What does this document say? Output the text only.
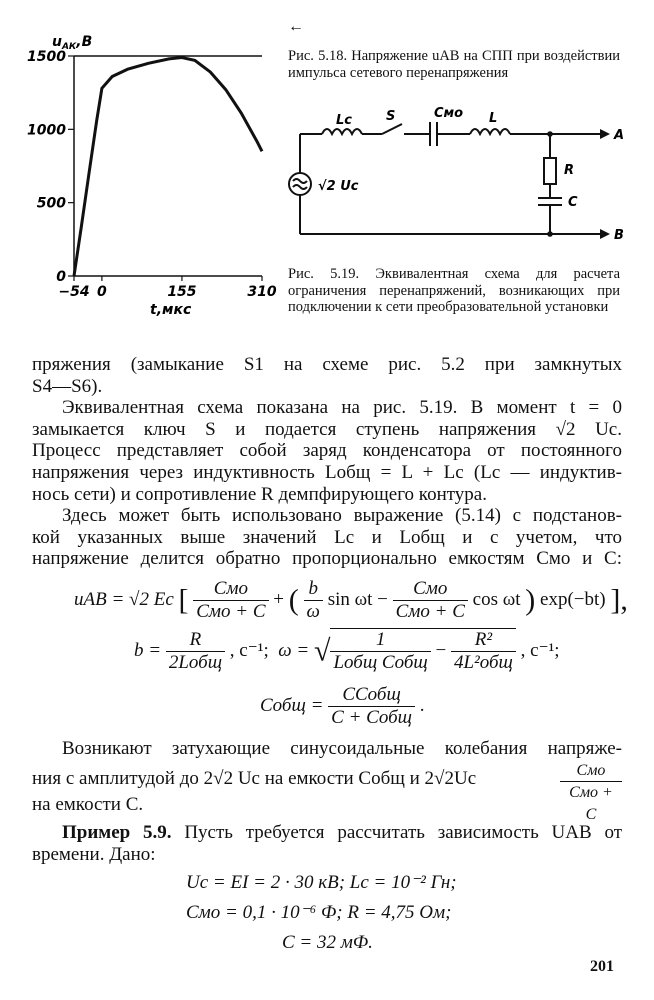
←
0
500
1000
1500
−54 0	155	310
$u_{АК},В$
t,мкс
Рис. 5.18. Напряжение uAB на СПП при воздействии импульса сетевого перенапряжения
Lc	S	Cмо L
R
C
A
B
√2 Uc
Рис. 5.19. Эквивалентная схема для расчета ограничения перенапряжений, возникающих при подключении к сети преобразовательной установки
пряжения (замыкание S1 на схеме рис. 5.2 при замкнутых
S4—S6).
Эквивалентная схема показана на рис. 5.19. В момент t = 0
замыкается ключ S и подается ступень напряжения √2 Uc.
Процесс представляет собой заряд конденсатора от постоянного
напряжения через индуктивность Lобщ = L + Lc (Lc — индуктив-
нось сети) и сопротивление R демпфирующего контура.
Здесь может быть использовано выражение (5.14) с подстанов-
кой указанных выше значений Lc и Lобщ и с учетом, что
напряжение делится обратно пропорционально емкостям Cмо и C:
uAB = √2 Ec [ $\frac{\text{Cмо}}{\text{Cмо + C}}$ + ( $\frac{b}{\omega}$ $\sin \omega t - \frac{\text{Cмо}}{\text{Cмо + C}}$ cos ωt ) exp(−bt) ],
$b = \frac{R}{\text{2Lобщ}}$ , c⁻¹; ω = √ $\frac{1}{\text{Lобщ Cобщ}} - \frac{\text{R²}}{\text{4L²общ}}$ , c⁻¹;
Cобщ = $\frac{\text{CCобщ}}{\text{C + Cобщ}}$ .
Возникают затухающие синусоидальные колебания напряже-
ния с амплитудой до 2√2 Uc на емкости Cобщ и 2√2Uc	Cмо
Cмо + C
на емкости C.
Пример 5.9. Пусть требуется рассчитать зависимость UAB от
времени. Дано:
Uc = EI = 2 · 30 кВ; Lc = 10⁻² Гн;
Cмо = 0,1 · 10⁻⁶ Ф; R = 4,75 Ом;
C = 32 мФ.
201
